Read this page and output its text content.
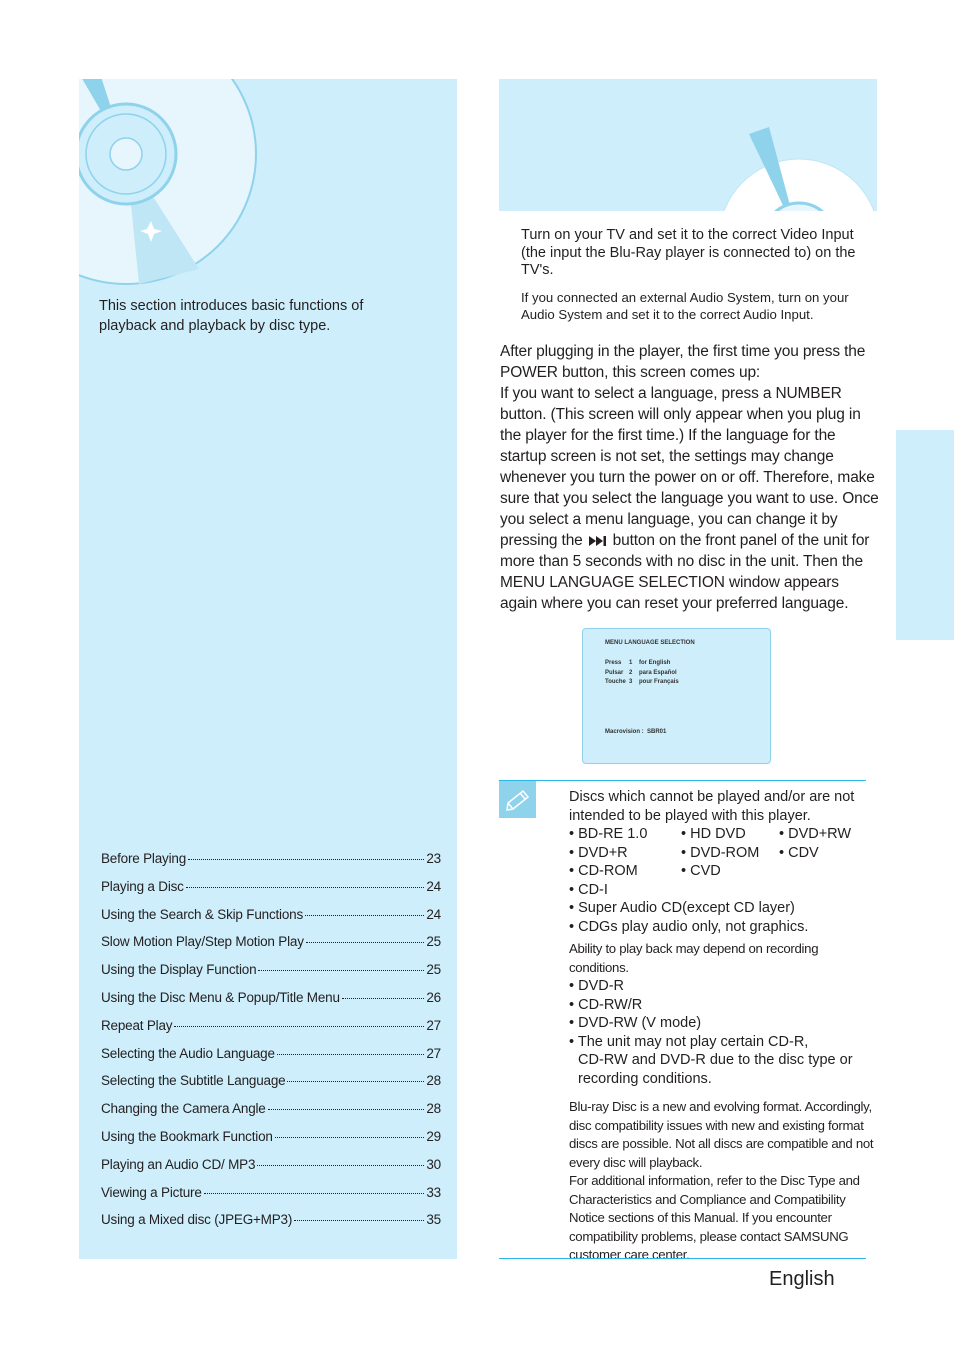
This section introduces basic functions of playback and playback by disc type.
Before Playing	23
Playing a Disc	24
Using the Search & Skip Functions	24
Slow Motion Play/Step Motion Play	25
Using the Display Function	25
Using the Disc Menu & Popup/Title Menu	26
Repeat Play	27
Selecting the Audio Language	27
Selecting the Subtitle Language	28
Changing the Camera Angle	28
Using the Bookmark Function	29
Playing an Audio CD/ MP3	30
Viewing a Picture	33
Using a Mixed disc (JPEG+MP3)	35
Turn on your TV and set it to the correct Video Input (the input the Blu-Ray player is connected to) on the TV's.
If you connected an external Audio System, turn on your Audio System and set it to the correct Audio Input.
After plugging in the player, the first time you press the POWER button, this screen comes up:
If you want to select a language, press a NUMBER button. (This screen will only appear when you plug in the player for the first time.) If the language for the startup screen is not set, the settings may change whenever you turn the power on or off. Therefore, make sure that you select the language you want to use. Once you select a menu language, you can change it by pressing the button on the front panel of the unit for more than 5 seconds with no disc in the unit. Then the MENU LANGUAGE SELECTION window appears again where you can reset your preferred language.
MENU LANGUAGE SELECTION
Press 1 for English
Pulsar 2 para Español
Touche 3 pour Français
Macrovision :  SBR01
Discs which cannot be played and/or are not intended to be played with this player.
• BD-RE 1.0	• HD DVD	• DVD+RW
• DVD+R	• DVD-ROM	• CDV
• CD-ROM	• CVD
• CD-I
• Super Audio CD(except CD layer)
• CDGs play audio only, not graphics.
Ability to play back may depend on recording conditions.
• DVD-R
• CD-RW/R
• DVD-RW (V mode)
• The unit may not play certain CD-R,
CD-RW and DVD-R due to the disc type or
recording conditions.
Blu-ray Disc is a new and evolving format. Accordingly, disc compatibility issues with new and existing format discs are possible. Not all discs are compatible and not every disc will playback.
For additional information, refer to the Disc Type and Characteristics and Compliance and Compatibility Notice sections of this Manual. If you encounter compatibility problems, please contact SAMSUNG customer care center.
English
